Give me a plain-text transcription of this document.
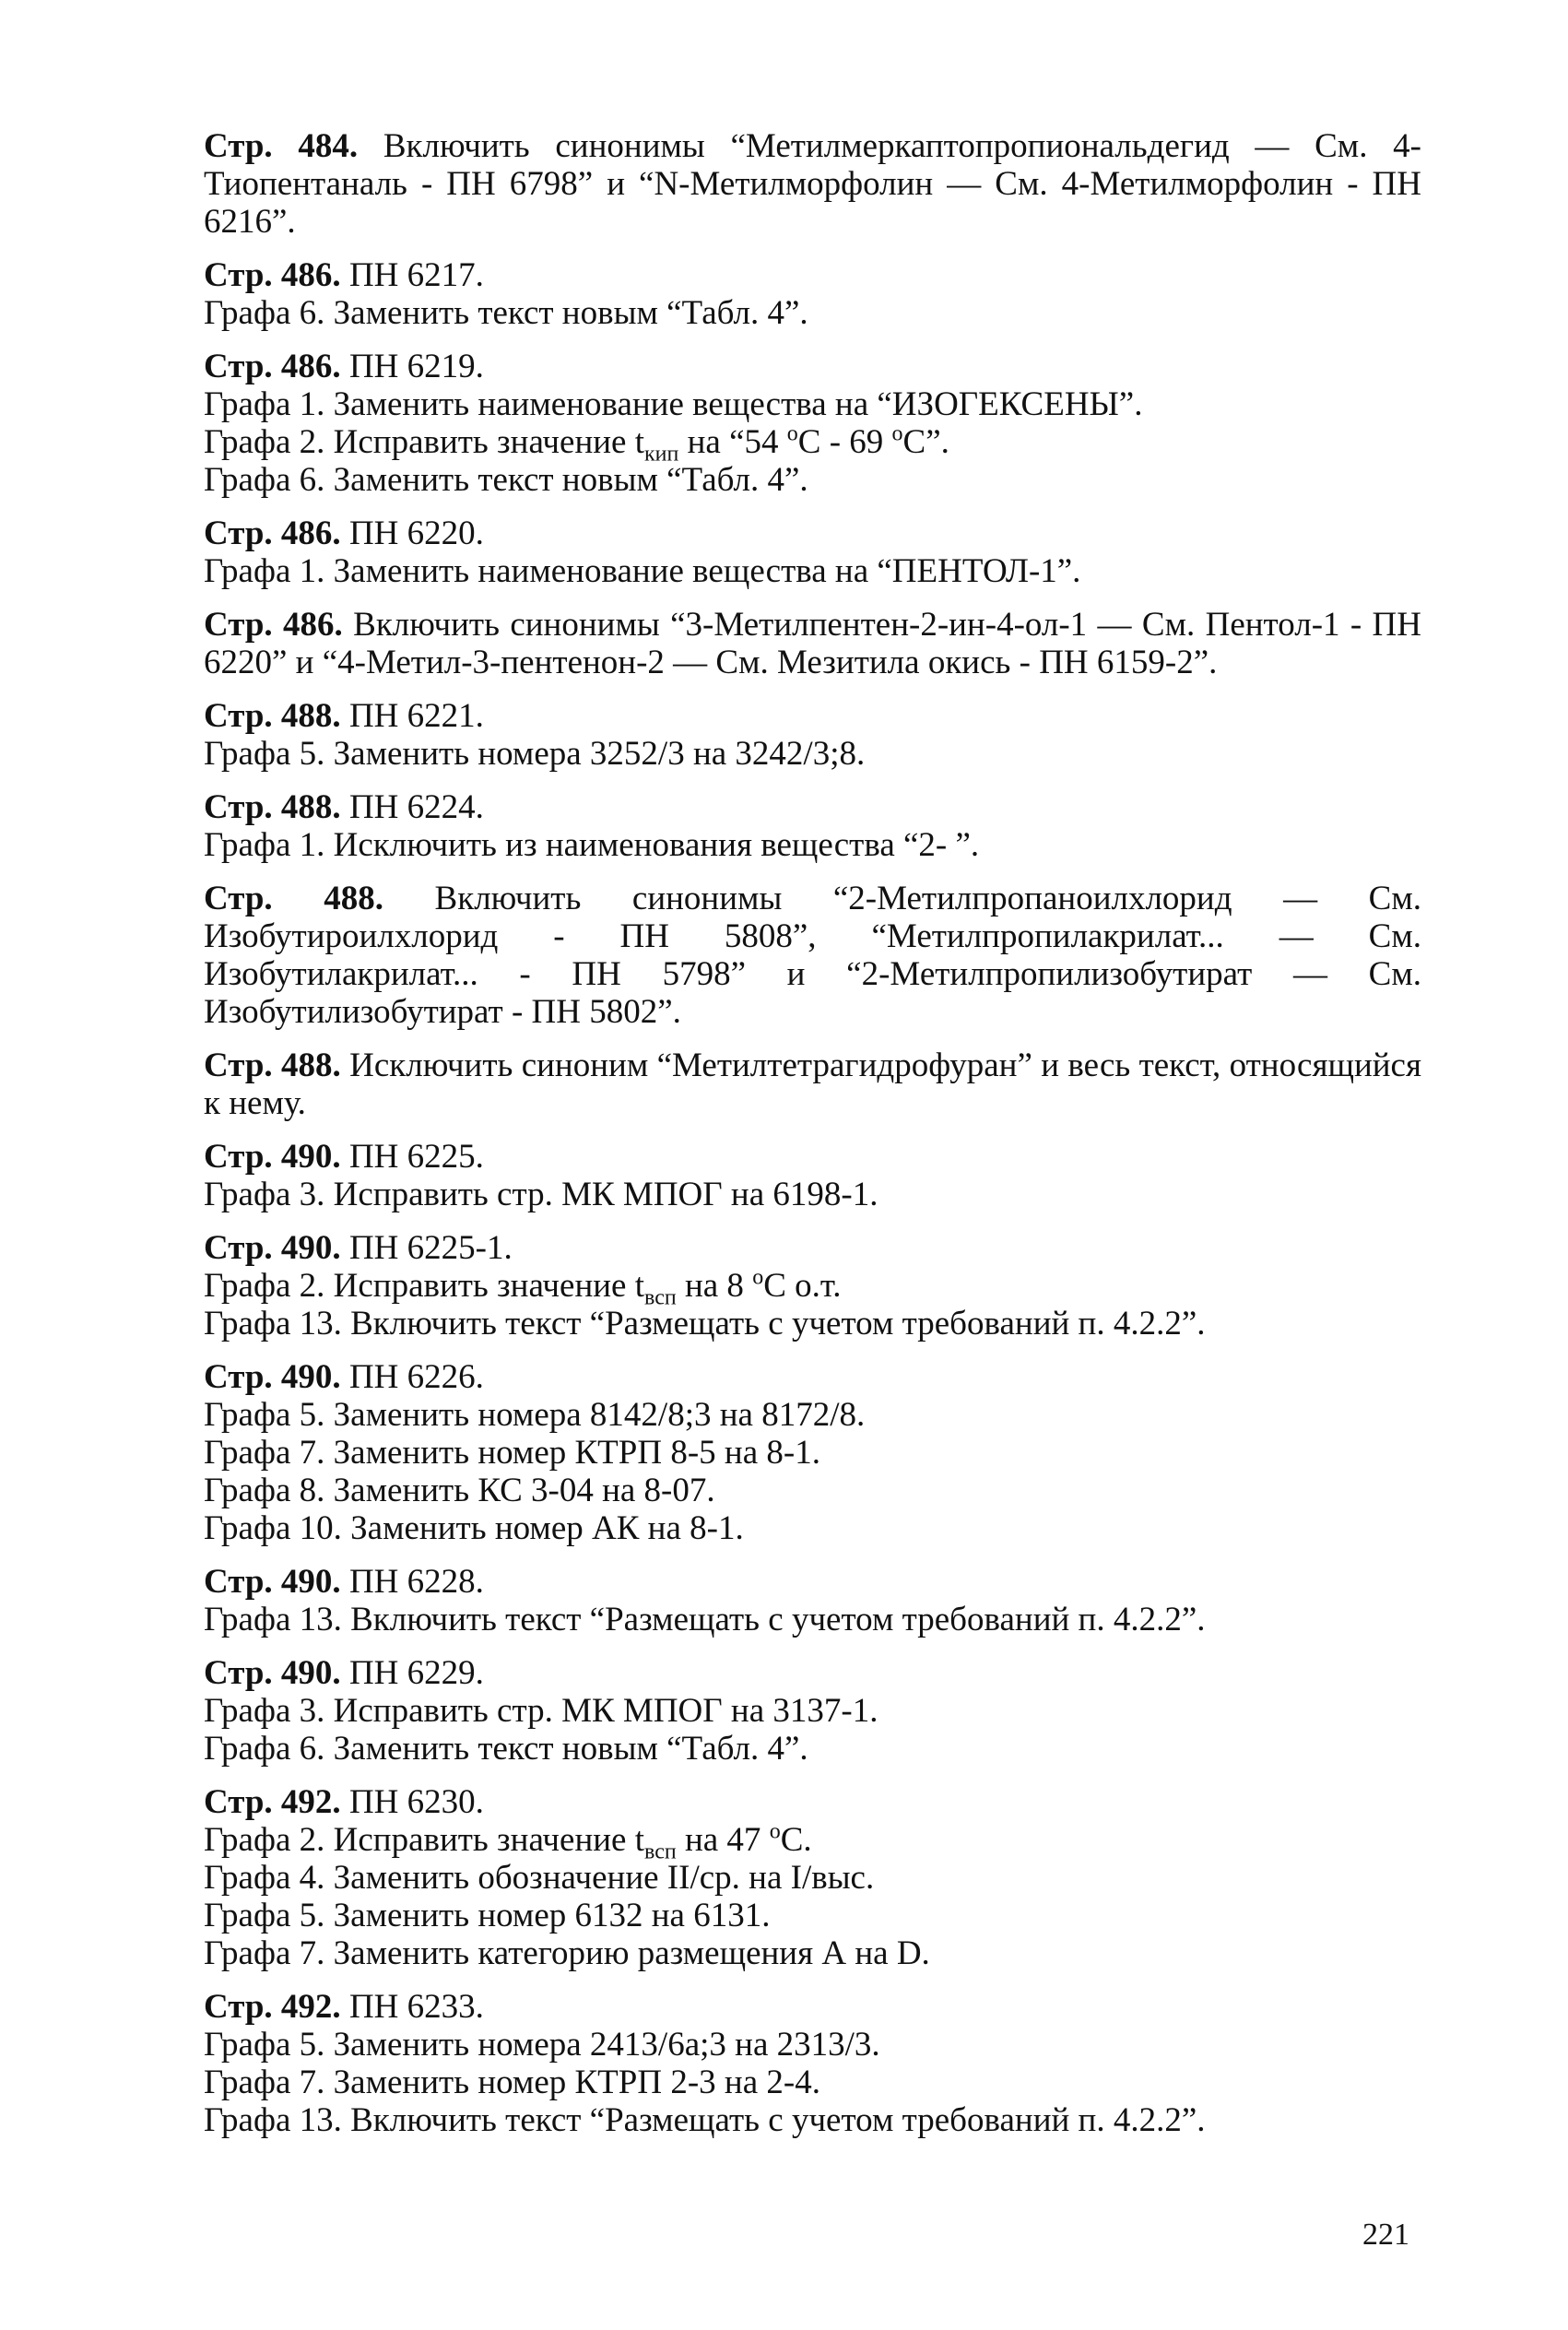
Стр. 484. Включить синонимы “Метилмеркаптопропиональдегид — См. 4-Тиопентаналь - ПН 6798” и “N-Метилморфолин — См. 4-Метилморфолин - ПН 6216”.
Стр. 486. ПН 6217.
Графа 6. Заменить текст новым “Табл. 4”.
Стр. 486. ПН 6219.
Графа 1. Заменить наименование вещества на “ИЗОГЕКСЕНЫ”.
Графа 2. Исправить значение $t_{кип}$ на “54 $^o$С - 69 $^o$С”.
Графа 6. Заменить текст новым “Табл. 4”.
Стр. 486. ПН 6220.
Графа 1. Заменить наименование вещества на “ПЕНТОЛ-1”.
Стр. 486. Включить синонимы “3-Метилпентен-2-ин-4-ол-1 — См. Пентол-1 - ПН 6220” и “4-Метил-3-пентенон-2 — См. Мезитила окись - ПН 6159-2”.
Стр. 488. ПН 6221.
Графа 5. Заменить номера 3252/3 на 3242/3;8.
Стр. 488. ПН 6224.
Графа 1. Исключить из наименования вещества “2- ”.
Стр. 488. Включить синонимы “2-Метилпропаноилхлорид — См. Изобутироилхлорид - ПН 5808”, “Метилпропилакрилат... — См. Изобутилакрилат... - ПН 5798” и “2-Метилпропилизобутират — См. Изобутилизобутират - ПН 5802”.
Стр. 488. Исключить синоним “Метилтетрагидрофуран” и весь текст, относящийся к нему.
Стр. 490. ПН 6225.
Графа 3. Исправить стр. МК МПОГ на 6198-1.
Стр. 490. ПН 6225-1.
Графа 2. Исправить значение $t_{всп}$ на 8 $^o$С о.т.
Графа 13. Включить текст “Размещать с учетом требований п. 4.2.2”.
Стр. 490. ПН 6226.
Графа 5. Заменить номера 8142/8;3 на 8172/8.
Графа 7. Заменить номер КТРП 8-5 на 8-1.
Графа 8. Заменить КС 3-04 на 8-07.
Графа 10. Заменить номер АК на 8-1.
Стр. 490. ПН 6228.
Графа 13. Включить текст “Размещать с учетом требований п. 4.2.2”.
Стр. 490. ПН 6229.
Графа 3. Исправить стр. МК МПОГ на 3137-1.
Графа 6. Заменить текст новым “Табл. 4”.
Стр. 492. ПН 6230.
Графа 2. Исправить значение $t_{всп}$ на 47 $^o$С.
Графа 4. Заменить обозначение II/ср. на I/выс.
Графа 5. Заменить номер 6132 на 6131.
Графа 7. Заменить категорию размещения А на D.
Стр. 492. ПН 6233.
Графа 5. Заменить номера 2413/6а;3 на 2313/3.
Графа 7. Заменить номер КТРП 2-3 на 2-4.
Графа 13. Включить текст “Размещать с учетом требований п. 4.2.2”.
221
